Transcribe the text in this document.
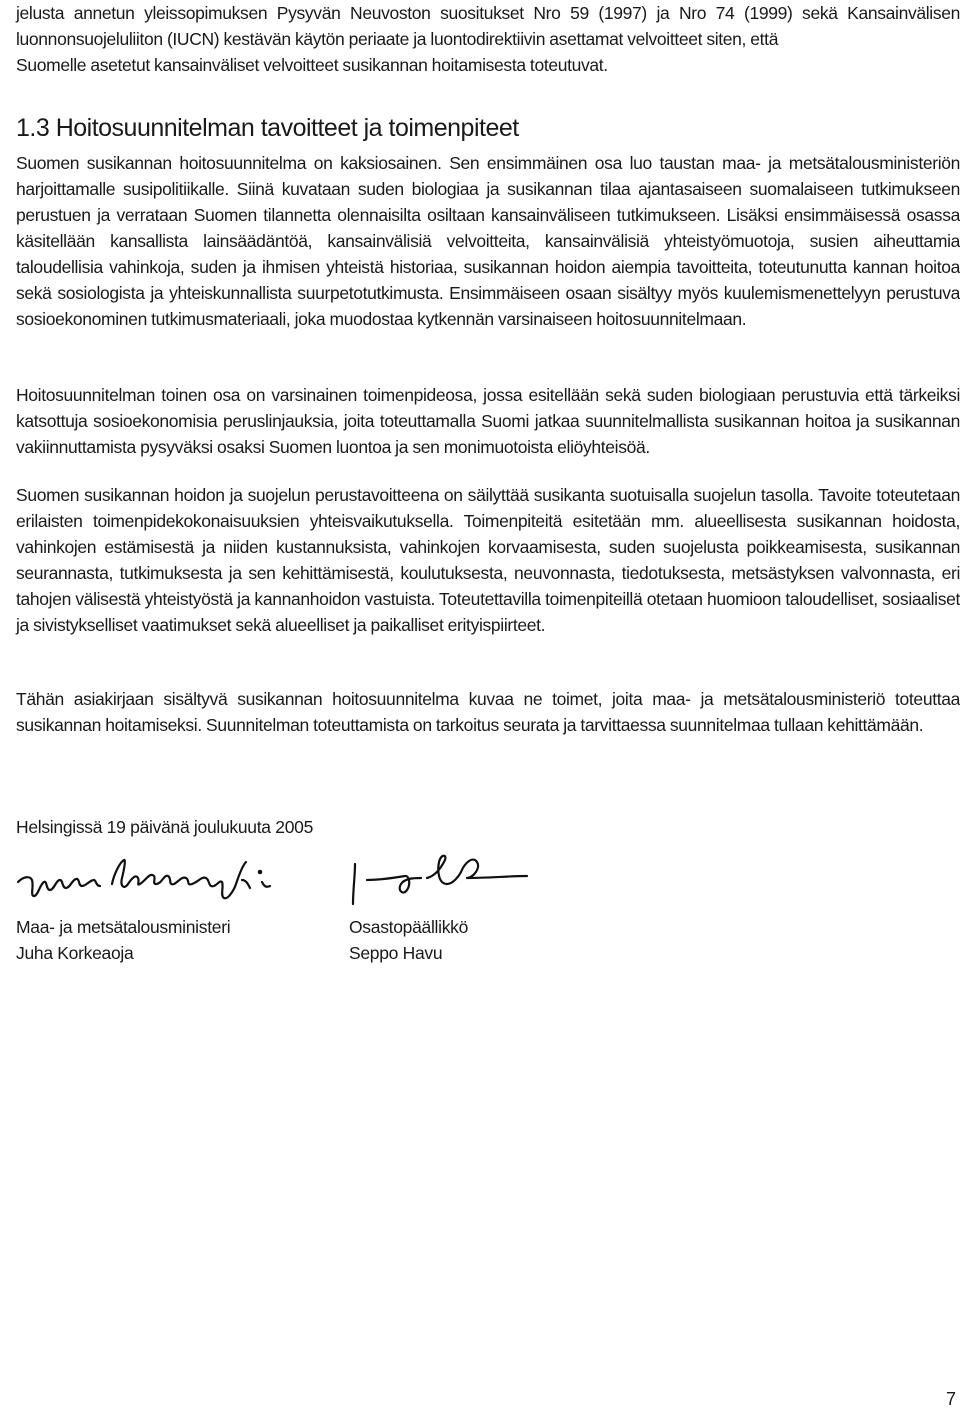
jelusta annetun yleissopimuksen Pysyvän Neuvoston suositukset Nro 59 (1997) ja Nro 74 (1999) sekä Kansainvälisen luonnonsuojeluliiton (IUCN) kestävän käytön periaate ja luontodirektiivin asettamat velvoitteet siten, että
Suomelle asetetut kansainväliset velvoitteet susikannan hoitamisesta toteutuvat.

1.3 Hoitosuunnitelman tavoitteet ja toimenpiteet

Suomen susikannan hoitosuunnitelma on kaksiosainen. Sen ensimmäinen osa luo taustan maa- ja metsätalousministeriön harjoittamalle susipolitiikalle. Siinä kuvataan suden biologiaa ja susikannan tilaa ajantasaiseen suomalaiseen tutkimukseen perustuen ja verrataan Suomen tilannetta olennaisilta osiltaan kansainväliseen tutkimukseen. Lisäksi ensimmäisessä osassa käsitellään kansallista lainsäädäntöä, kansainvälisiä velvoitteita, kansainvälisiä yhteistyömuotoja, susien aiheuttamia taloudellisia vahinkoja, suden ja ihmisen yhteistä historiaa, susikannan hoidon aiempia tavoitteita, toteutunutta kannan hoitoa sekä sosiologista ja yhteiskunnallista suurpetotutkimusta. Ensimmäiseen osaan sisältyy myös kuulemismenettelyyn perustuva sosioekonominen tutkimusmateriaali, joka muodostaa kytkennän varsinaiseen hoitosuunnitelmaan.

Hoitosuunnitelman toinen osa on varsinainen toimenpideosa, jossa esitellään sekä suden biologiaan perustuvia että tärkeiksi katsottuja sosioekonomisia peruslinjauksia, joita toteuttamalla Suomi jatkaa suunnitelmallista susikannan hoitoa ja susikannan vakiinnuttamista pysyväksi osaksi Suomen luontoa ja sen monimuotoista eliöyhteisöä.

Suomen susikannan hoidon ja suojelun perustavoitteena on säilyttää susikanta suotuisalla suojelun tasolla. Tavoite toteutetaan erilaisten toimenpidekokonaisuuksien yhteisvaikutuksella. Toimenpiteitä esitetään mm. alueellisesta susikannan hoidosta, vahinkojen estämisestä ja niiden kustannuksista, vahinkojen korvaamisesta, suden suojelusta poikkeamisesta, susikannan seurannasta, tutkimuksesta ja sen kehittämisestä, koulutuksesta, neuvonnasta, tiedotuksesta, metsästyksen valvonnasta, eri tahojen välisestä yhteistyöstä ja kannanhoidon vastuista. Toteutettavilla toimenpiteillä otetaan huomioon taloudelliset, sosiaaliset ja sivistykselliset vaatimukset sekä alueelliset ja paikalliset erityispiirteet.

Tähän asiakirjaan sisältyvä susikannan hoitosuunnitelma kuvaa ne toimet, joita maa- ja metsätalousministeriö toteuttaa susikannan hoitamiseksi. Suunnitelman toteuttamista on tarkoitus seurata ja tarvittaessa suunnitelmaa tullaan kehittämään.

Helsingissä 19 päivänä joulukuuta 2005
Maa- ja metsätalousministeri
Juha Korkeaoja
Osastopäällikkö
Seppo Havu
7
